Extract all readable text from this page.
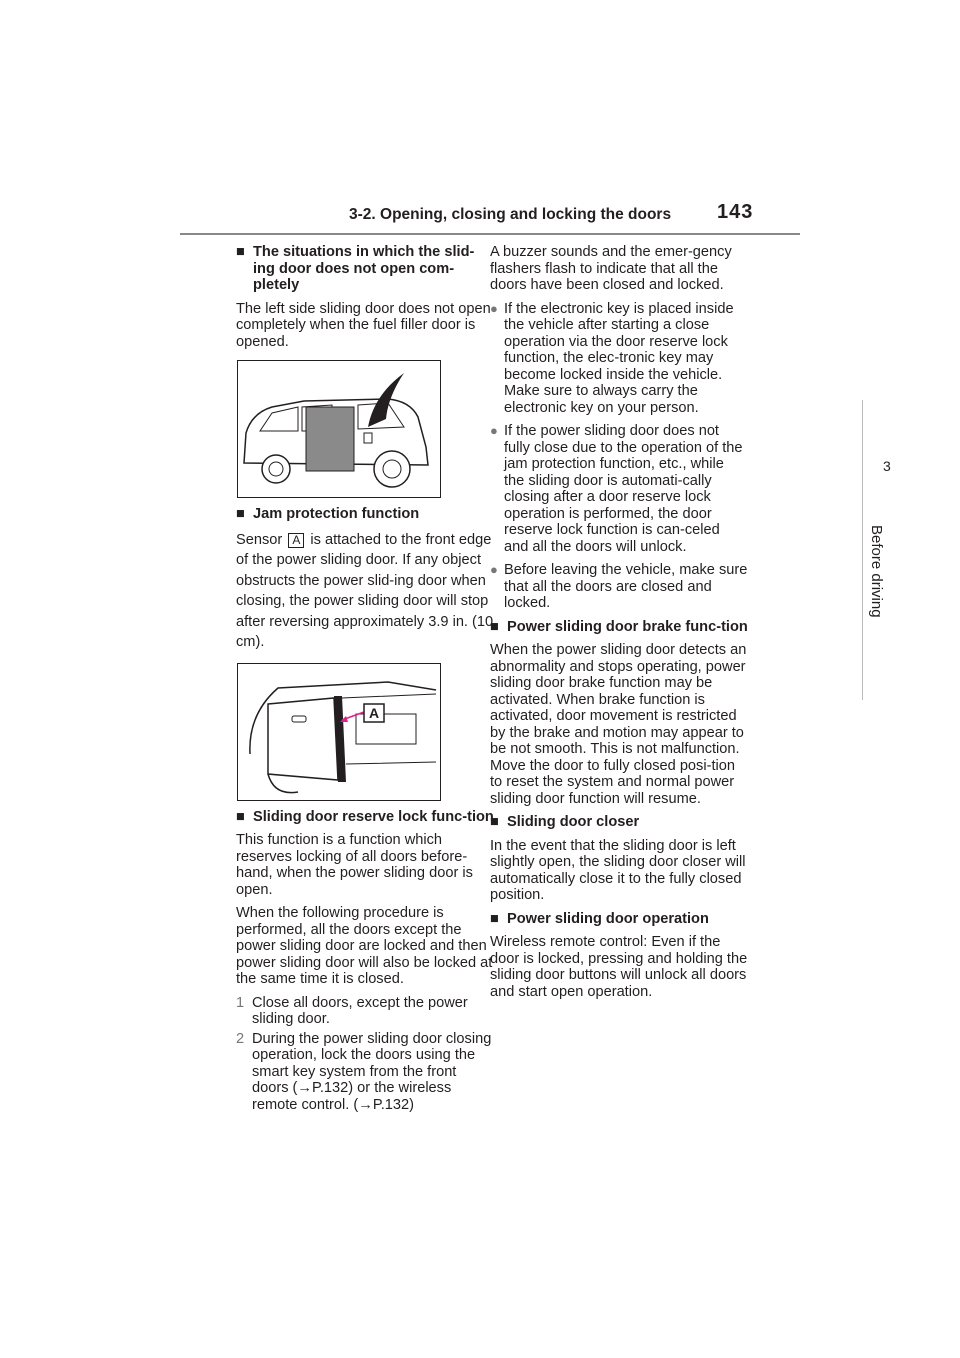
3-2. Opening, closing and locking the doors 143
3
Before driving
■ The situations in which the slid-ing door does not open com-pletely

The left side sliding door does not open completely when the fuel filler door is opened.

■ Jam protection function

Sensor A is attached to the front edge of the power sliding door. If any object obstructs the power slid-ing door when closing, the power sliding door will stop after reversing approximately 3.9 in. (10 cm).

A
■ Sliding door reserve lock func-tion

This function is a function which reserves locking of all doors before-hand, when the power sliding door is open.

When the following procedure is performed, all the doors except the power sliding door are locked and then power sliding door will also be locked at the same time it is closed.

1 Close all doors, except the power sliding door.
2 During the power sliding door closing operation, lock the doors using the smart key system from the front doors (→P.132) or the wireless remote control. (→P.132)

A buzzer sounds and the emer-gency flashers flash to indicate that all the doors have been closed and locked.

● If the electronic key is placed inside the vehicle after starting a close operation via the door reserve lock function, the elec-tronic key may become locked inside the vehicle. Make sure to always carry the electronic key on your person.
● If the power sliding door does not fully close due to the operation of the jam protection function, etc., while the sliding door is automati-cally closing after a door reserve lock operation is performed, the door reserve lock function is can-celed and all the doors will unlock.
● Before leaving the vehicle, make sure that all the doors are closed and locked.
■ Power sliding door brake func-tion

When the power sliding door detects an abnormality and stops operating, power sliding door brake function may be activated. When brake function is activated, door movement is restricted by the brake and motion may appear to be not smooth. This is not malfunction. Move the door to fully closed posi-tion to reset the system and normal power sliding door function will resume.

■ Sliding door closer

In the event that the sliding door is left slightly open, the sliding door closer will automatically close it to the fully closed position.

■ Power sliding door operation

Wireless remote control: Even if the door is locked, pressing and holding the sliding door buttons will unlock all doors and start open operation.
